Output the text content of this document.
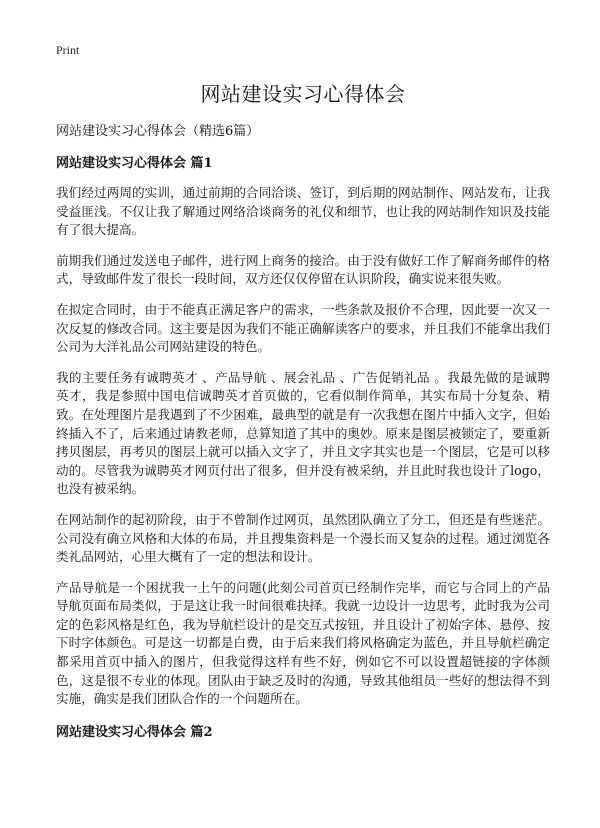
Print
网站建设实习心得体会
网站建设实习心得体会（精选6篇）
网站建设实习心得体会 篇1

我们经过两周的实训，通过前期的合同洽谈、签订，到后期的网站制作、网站发布，让我受益匪浅。不仅让我了解通过网络洽谈商务的礼仪和细节，也让我的网站制作知识及技能有了很大提高。

前期我们通过发送电子邮件，进行网上商务的接洽。由于没有做好工作了解商务邮件的格式，导致邮件发了很长一段时间，双方还仅仅停留在认识阶段，确实说来很失败。

在拟定合同时，由于不能真正满足客户的需求，一些条款及报价不合理，因此要一次又一次反复的修改合同。这主要是因为我们不能正确解读客户的要求，并且我们不能拿出我们公司为大洋礼品公司网站建设的特色。

我的主要任务有诚聘英才 、产品导航 、展会礼品 、广告促销礼品 。我最先做的是诚聘英才，我是参照中国电信诚聘英才首页做的，它看似制作简单，其实布局十分复杂、精致。在处理图片是我遇到了不少困难，最典型的就是有一次我想在图片中插入文字，但始终插入不了，后来通过请教老师，总算知道了其中的奥妙。原来是图层被锁定了，要重新拷贝图层，再考贝的图层上就可以插入文字了，并且文字其实也是一个图层，它是可以移动的。尽管我为诚聘英才网页付出了很多，但并没有被采纳，并且此时我也设计了logo，也没有被采纳。

在网站制作的起初阶段，由于不曾制作过网页，虽然团队确立了分工，但还是有些迷茫。公司没有确立风格和大体的布局，并且搜集资料是一个漫长而又复杂的过程。通过浏览各类礼品网站，心里大概有了一定的想法和设计。

产品导航是一个困扰我一上午的问题(此刻公司首页已经制作完毕，而它与合同上的产品导航页面布局类似，于是这让我一时间很难抉择。我就一边设计一边思考，此时我为公司定的色彩风格是红色，我为导航栏设计的是交互式按钮，并且设计了初始字体、悬停、按下时字体颜色。可是这一切都是白费，由于后来我们将风格确定为蓝色，并且导航栏确定都采用首页中插入的图片，但我觉得这样有些不好，例如它不可以设置超链接的字体颜色，这是很不专业的体现。团队由于缺乏及时的沟通，导致其他组员一些好的想法得不到实施，确实是我们团队合作的一个问题所在。

网站建设实习心得体会 篇2
